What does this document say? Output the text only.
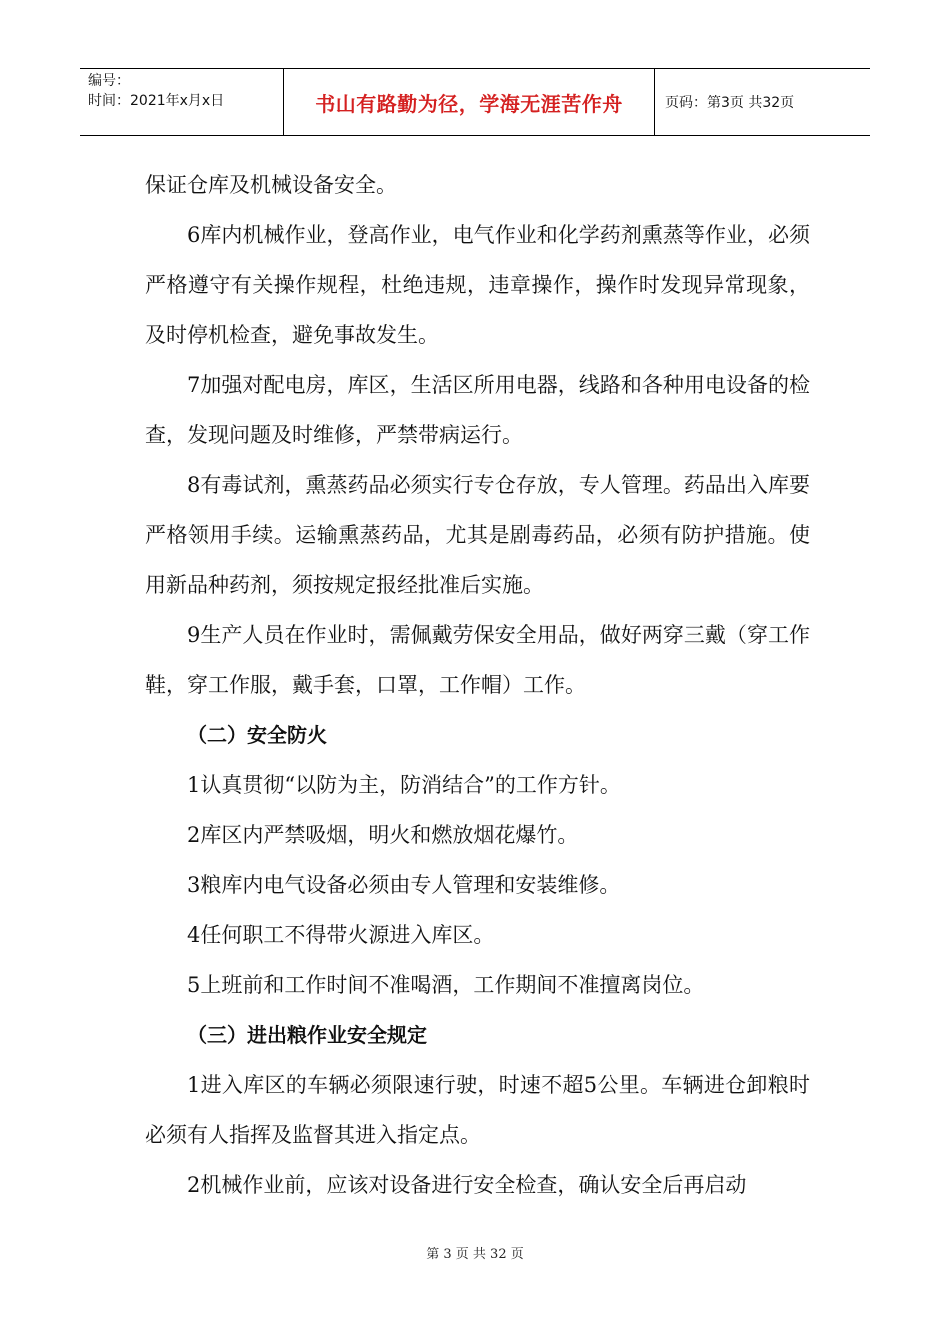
编号：
时间：2021年x月x日	书山有路勤为径，学海无涯苦作舟	页码：第3页 共32页

保证仓库及机械设备安全。

6库内机械作业，登高作业，电气作业和化学药剂熏蒸等作业，必须严格遵守有关操作规程，杜绝违规，违章操作，操作时发现异常现象，及时停机检查，避免事故发生。

7加强对配电房，库区，生活区所用电器，线路和各种用电设备的检查，发现问题及时维修，严禁带病运行。

8有毒试剂，熏蒸药品必须实行专仓存放，专人管理。药品出入库要严格领用手续。运输熏蒸药品，尤其是剧毒药品，必须有防护措施。使用新品种药剂，须按规定报经批准后实施。

9生产人员在作业时，需佩戴劳保安全用品，做好两穿三戴（穿工作鞋，穿工作服，戴手套，口罩，工作帽）工作。

（二）安全防火

1认真贯彻“以防为主，防消结合”的工作方针。

2库区内严禁吸烟，明火和燃放烟花爆竹。

3粮库内电气设备必须由专人管理和安装维修。

4任何职工不得带火源进入库区。

5上班前和工作时间不准喝酒，工作期间不准擅离岗位。

（三）进出粮作业安全规定

1进入库区的车辆必须限速行驶，时速不超5公里。车辆进仓卸粮时必须有人指挥及监督其进入指定点。

2机械作业前，应该对设备进行安全检查，确认安全后再启动

第 3 页 共 32 页
